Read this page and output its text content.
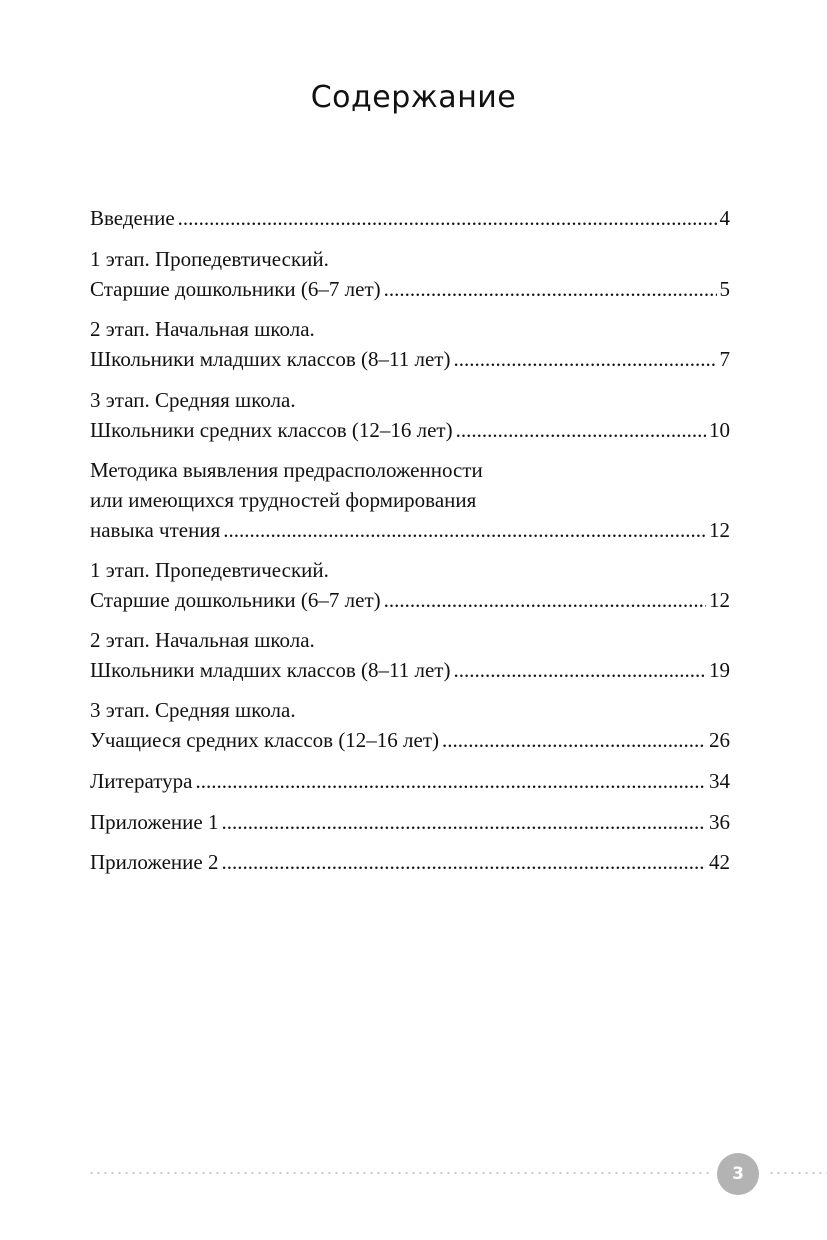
Содержание
Введение .....	4
1 этап. Пропедевтический.
Старшие дошкольники (6–7 лет) .....	5
2 этап. Начальная школа.
Школьники младших классов (8–11 лет) .....	7
3 этап. Средняя школа.
Школьники средних классов (12–16 лет) .....	10
Методика выявления предрасположенности
или имеющихся трудностей формирования
навыка чтения .....	12
1 этап. Пропедевтический.
Старшие дошкольники (6–7 лет) .....	12
2 этап. Начальная школа.
Школьники младших классов (8–11 лет) .....	19
3 этап. Средняя школа.
Учащиеся средних классов (12–16 лет) .....	26
Литература .....	34
Приложение 1 .....	36
Приложение 2 .....	42
3
